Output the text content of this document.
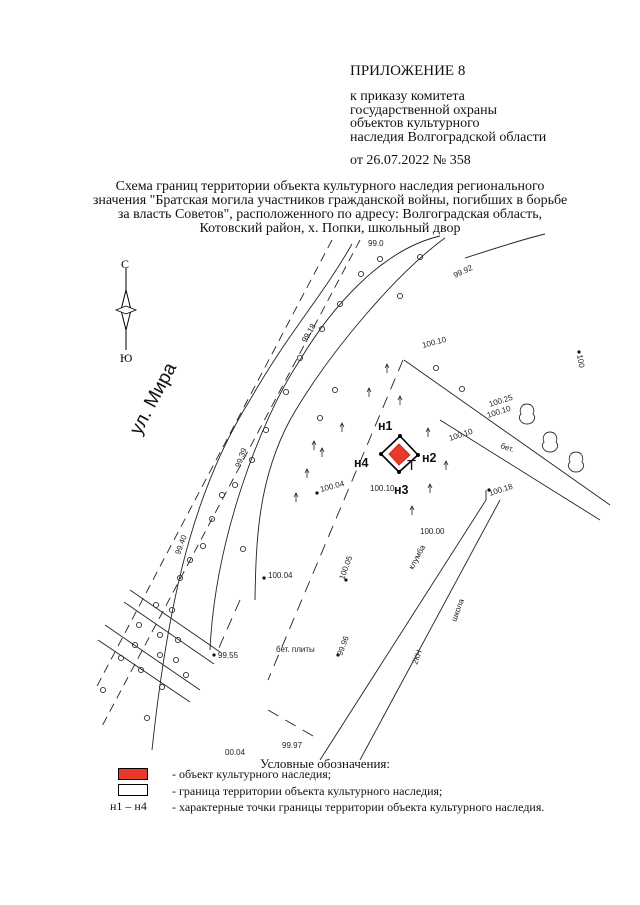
ПРИЛОЖЕНИЕ 8
к приказу комитета
государственной охраны
объектов культурного
наследия Волгоградской области
от 26.07.2022 № 358
Схема границ территории объекта культурного наследия регионального
значения "Братская могила участников гражданской войны, погибших в борьбе
за власть Советов", расположенного по адресу: Волгоградская область,
Котовский район, х. Попки, школьный двор
С
Ю
99.92
99.18	100.10
100
100.25
100.10
99.39
100.04	100.10
100.10
100.18
99.40
100.00
100.05
100.04
99.55	99.96
99.97
00.04
99.0
бет.
бет. плиты
клумба
школа
2КН
ул. Мира
Т
н1
н2
н3
н4
Условные обозначения:
- объект культурного наследия;
- граница территории объекта культурного наследия;
н1 – н4 - характерные точки границы территории объекта культурного наследия.
